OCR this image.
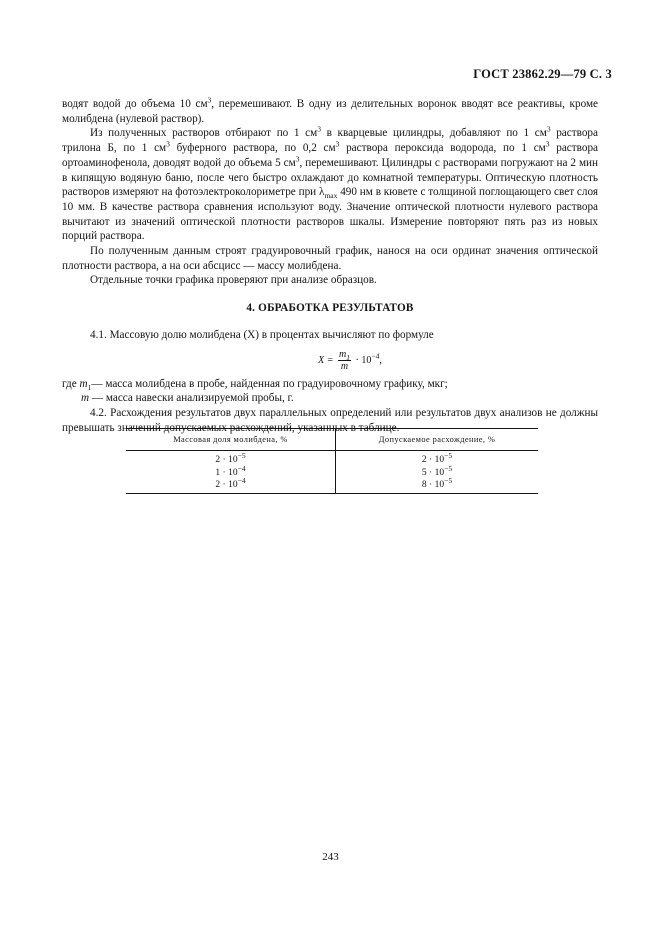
ГОСТ 23862.29—79 С. 3

водят водой до объема 10 $см^3$, перемешивают. В одну из делительных воронок вводят все реактивы, кроме молибдена (нулевой раствор).

Из полученных растворов отбирают по 1 $см^3$ в кварцевые цилиндры, добавляют по 1 $см^3$ раствора трилона Б, по 1 $см^3$ буферного раствора, по 0,2 $см^3$ раствора пероксида водорода, по 1 $см^3$ раствора ортоаминофенола, доводят водой до объема 5 $см^3$, перемешивают. Цилиндры с растворами погружают на 2 мин в кипящую водяную баню, после чего быстро охлаждают до комнатной температуры. Оптическую плотность растворов измеряют на фотоэлектроколориметре при $\lambda_{max}$ 490 нм в кювете с толщиной поглощающего свет слоя 10 мм. В качестве раствора сравнения используют воду. Значение оптической плотности нулевого раствора вычитают из значений оптической плотности растворов шкалы. Измерение повторяют пять раз из новых порций раствора.

По полученным данным строят градуировочный график, нанося на оси ординат значения оптической плотности раствора, а на оси абсцисс — массу молибдена.

Отдельные точки графика проверяют при анализе образцов.

4. ОБРАБОТКА РЕЗУЛЬТАТОВ

4.1. Массовую долю молибдена (X) в процентах вычисляют по формуле

$X = \frac{m_1}{m} \cdot 10^{-4}$,
где $m_1—$ масса молибдена в пробе, найденная по градуировочному графику, мкг;
m — масса навески анализируемой пробы, г.

4.2. Расхождения результатов двух параллельных определений или результатов двух анализов не должны превышать значений допускаемых расхождений, указанных в таблице.

Массовая доля молибдена, %	Допускаемое расхождение, %
$2 \cdot 10^{-5}$	$2 \cdot 10^{-5}$
$1 \cdot 10^{-4}$	$5 \cdot 10^{-5}$
$2 \cdot 10^{-4}$	$8 \cdot 10^{-5}$
243
